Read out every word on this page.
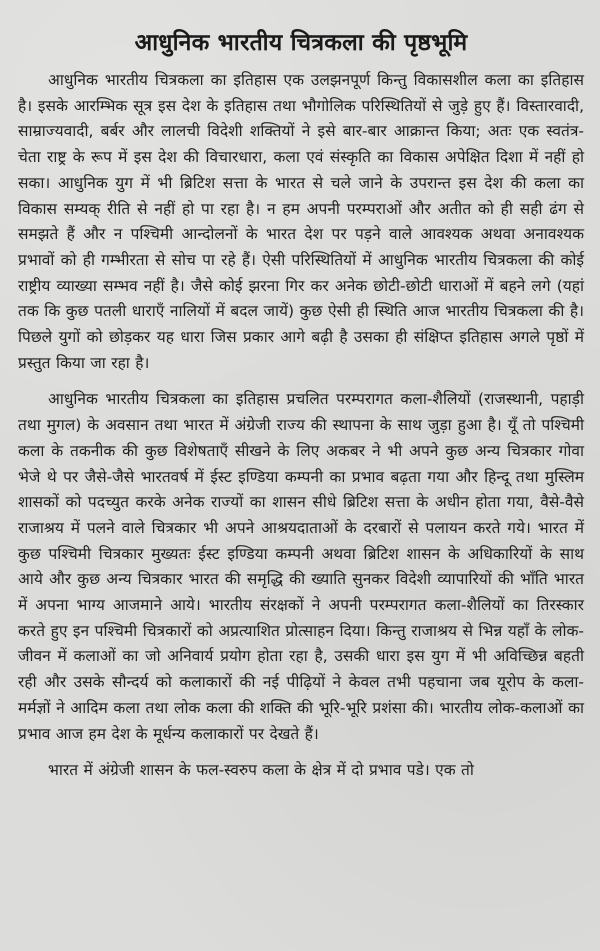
आधुनिक भारतीय चित्रकला की पृष्ठभूमि

आधुनिक भारतीय चित्रकला का इतिहास एक उलझनपूर्ण किन्तु विकासशील कला का इतिहास है। इसके आरम्भिक सूत्र इस देश के इतिहास तथा भौगोलिक परिस्थितियों से जुड़े हुए हैं। विस्तारवादी, साम्राज्यवादी, बर्बर और लालची विदेशी शक्तियों ने इसे बार-बार आक्रान्त किया; अतः एक स्वतंत्र-चेता राष्ट्र के रूप में इस देश की विचारधारा, कला एवं संस्कृति का विकास अपेक्षित दिशा में नहीं हो सका। आधुनिक युग में भी ब्रिटिश सत्ता के भारत से चले जाने के उपरान्त इस देश की कला का विकास सम्यक् रीति से नहीं हो पा रहा है। न हम अपनी परम्पराओं और अतीत को ही सही ढंग से समझते हैं और न पश्चिमी आन्दोलनों के भारत देश पर पड़ने वाले आवश्यक अथवा अनावश्यक प्रभावों को ही गम्भीरता से सोच पा रहे हैं। ऐसी परिस्थितियों में आधुनिक भारतीय चित्रकला की कोई राष्ट्रीय व्याख्या सम्भव नहीं है। जैसे कोई झरना गिर कर अनेक छोटी-छोटी धाराओं में बहने लगे (यहां तक कि कुछ पतली धाराएँ नालियों में बदल जायें) कुछ ऐसी ही स्थिति आज भारतीय चित्रकला की है। पिछले युगों को छोड़कर यह धारा जिस प्रकार आगे बढ़ी है उसका ही संक्षिप्त इतिहास अगले पृष्ठों में प्रस्तुत किया जा रहा है।

आधुनिक भारतीय चित्रकला का इतिहास प्रचलित परम्परागत कला-शैलियों (राजस्थानी, पहाड़ी तथा मुगल) के अवसान तथा भारत में अंग्रेजी राज्य की स्थापना के साथ जुड़ा हुआ है। यूँ तो पश्चिमी कला के तकनीक की कुछ विशेषताएँ सीखने के लिए अकबर ने भी अपने कुछ अन्य चित्रकार गोवा भेजे थे पर जैसे-जैसे भारतवर्ष में ईस्ट इण्डिया कम्पनी का प्रभाव बढ़ता गया और हिन्दू तथा मुस्लिम शासकों को पदच्युत करके अनेक राज्यों का शासन सीधे ब्रिटिश सत्ता के अधीन होता गया, वैसे-वैसे राजाश्रय में पलने वाले चित्रकार भी अपने आश्रयदाताओं के दरबारों से पलायन करते गये। भारत में कुछ पश्चिमी चित्रकार मुख्यतः ईस्ट इण्डिया कम्पनी अथवा ब्रिटिश शासन के अधिकारियों के साथ आये और कुछ अन्य चित्रकार भारत की समृद्धि की ख्याति सुनकर विदेशी व्यापारियों की भाँति भारत में अपना भाग्य आजमाने आये। भारतीय संरक्षकों ने अपनी परम्परागत कला-शैलियों का तिरस्कार करते हुए इन पश्चिमी चित्रकारों को अप्रत्याशित प्रोत्साहन दिया। किन्तु राजाश्रय से भिन्न यहाँ के लोक-जीवन में कलाओं का जो अनिवार्य प्रयोग होता रहा है, उसकी धारा इस युग में भी अविच्छिन्न बहती रही और उसके सौन्दर्य को कलाकारों की नई पीढ़ियों ने केवल तभी पहचाना जब यूरोप के कला-मर्मज्ञों ने आदिम कला तथा लोक कला की शक्ति की भूरि-भूरि प्रशंसा की। भारतीय लोक-कलाओं का प्रभाव आज हम देश के मूर्धन्य कलाकारों पर देखते हैं।

भारत में अंग्रेजी शासन के फल-स्वरुप कला के क्षेत्र में दो प्रभाव पडे। एक तो
